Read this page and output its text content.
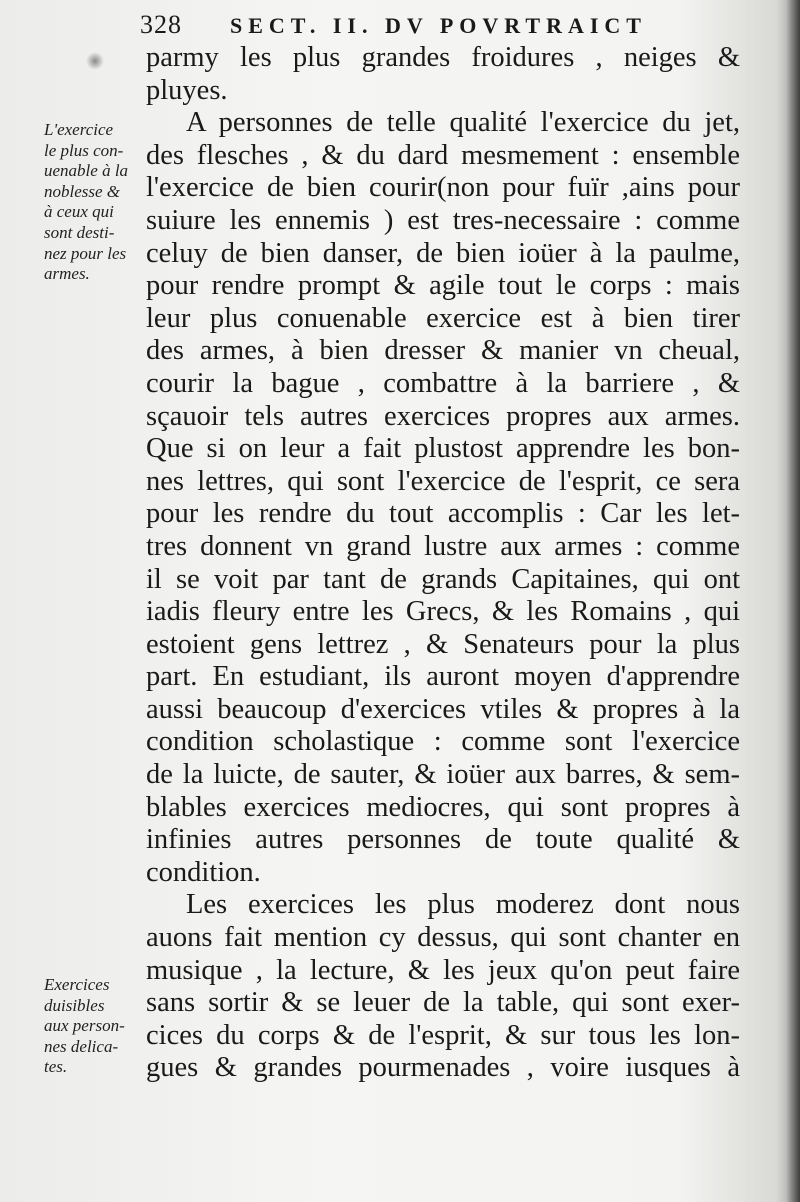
328 SECT. II. DV POVRTRAICT
parmy les plus grandes froidures , neiges &
pluyes.
A personnes de telle qualité l'exercice du jet,
des flesches , & du dard mesmement : ensemble
l'exercice de bien courir(non pour fuïr ,ains pour
suiure les ennemis ) est tres-necessaire : comme
celuy de bien danser, de bien ioüer à la paulme,
pour rendre prompt & agile tout le corps : mais
leur plus conuenable exercice est à bien tirer
des armes, à bien dresser & manier vn cheual,
courir la bague , combattre à la barriere , &
sçauoir tels autres exercices propres aux armes.
Que si on leur a fait plustost apprendre les bon-
nes lettres, qui sont l'exercice de l'esprit, ce sera
pour les rendre du tout accomplis : Car les let-
tres donnent vn grand lustre aux armes : comme
il se voit par tant de grands Capitaines, qui ont
iadis fleury entre les Grecs, & les Romains , qui
estoient gens lettrez , & Senateurs pour la plus
part. En estudiant, ils auront moyen d'apprendre
aussi beaucoup d'exercices vtiles & propres à la
condition scholastique : comme sont l'exercice
de la luicte, de sauter, & ioüer aux barres, & sem-
blables exercices mediocres, qui sont propres à
infinies autres personnes de toute qualité &
condition.
Les exercices les plus moderez dont nous
auons fait mention cy dessus, qui sont chanter en
musique , la lecture, & les jeux qu'on peut faire
sans sortir & se leuer de la table, qui sont exer-
cices du corps & de l'esprit, & sur tous les lon-
gues & grandes pourmenades , voire iusques à
L'exercice
le plus con-
uenable à la
noblesse &
à ceux qui
sont desti-
nez pour les
armes.
Exercices
duisibles
aux person-
nes delica-
tes.
